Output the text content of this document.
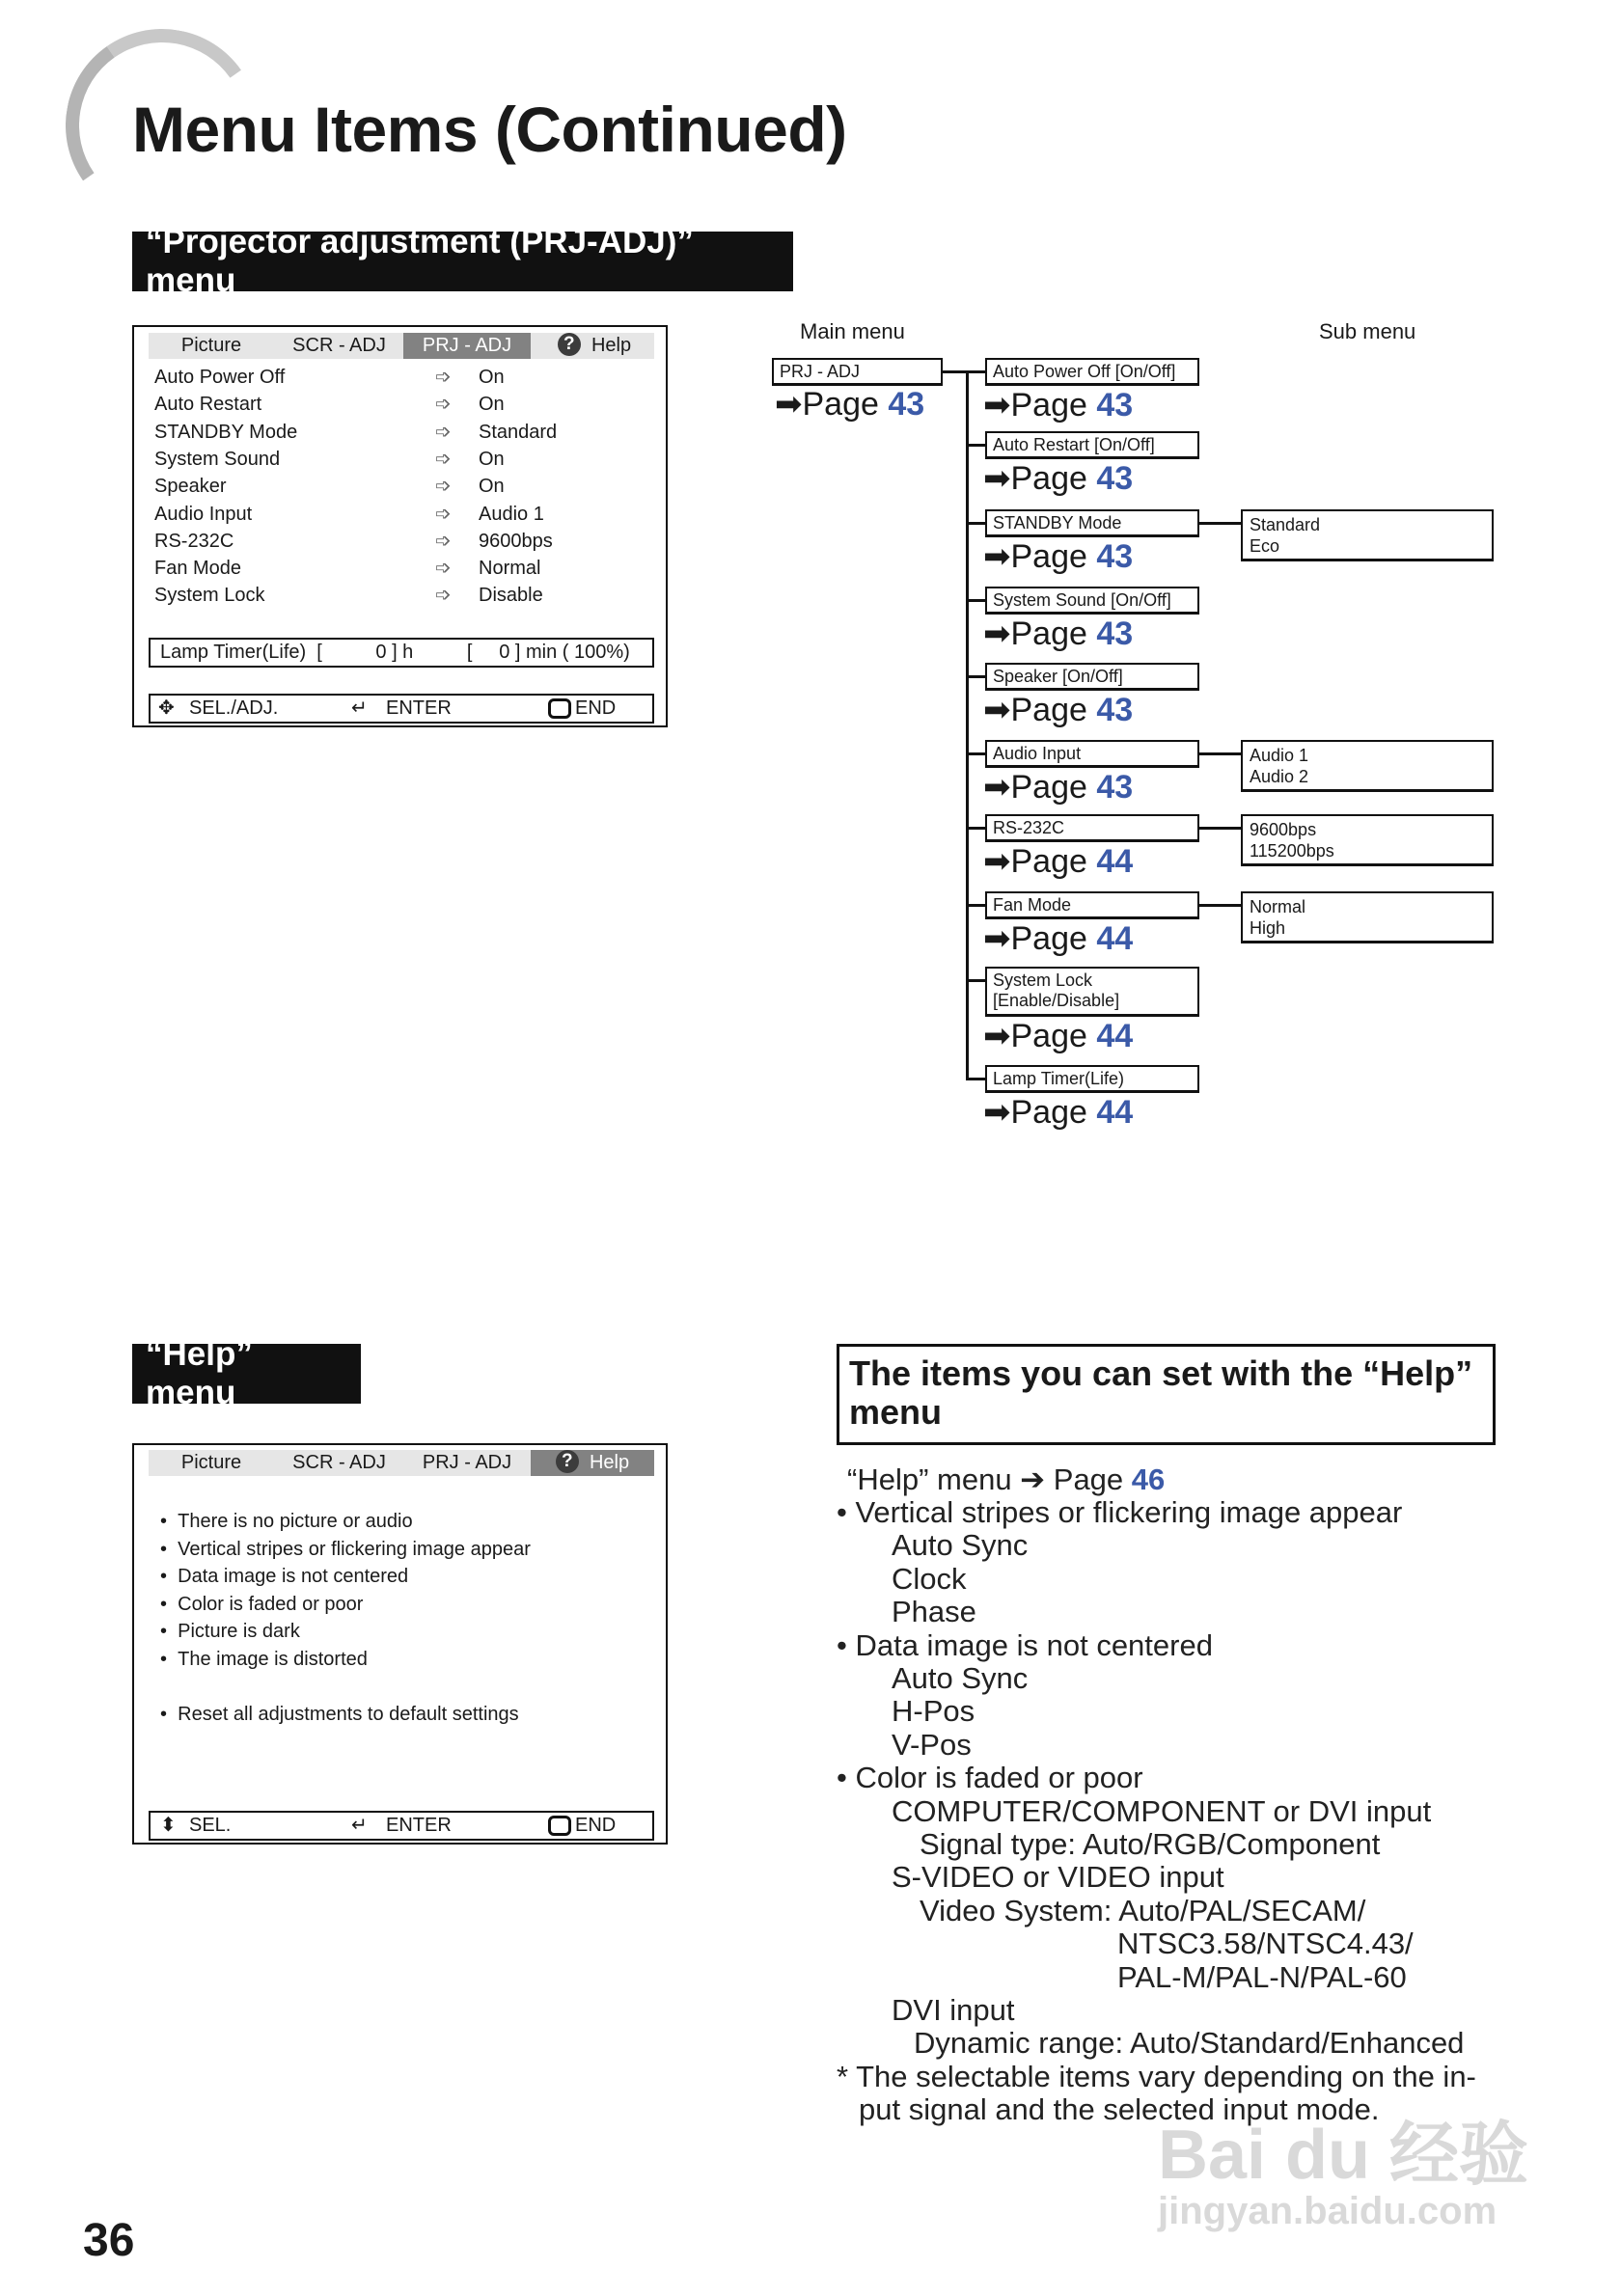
Menu Items (Continued)
“Projector adjustment (PRJ-ADJ)” menu
Picture	SCR - ADJ	PRJ - ADJ	? Help
Auto Power Off	➩ On
Auto Restart	➩ On
STANDBY Mode	➩ Standard
System Sound	➩ On
Speaker	➩ On
Audio Input	➩ Audio 1
RS-232C	➩ 9600bps
Fan Mode	➩ Normal
System Lock	➩ Disable
Lamp Timer(Life)  [          0 ] h          [     0 ] min ( 100%)

✥

SEL./ADJ.

	↵

ENTER

	END

Main menu	Sub menu
PRJ - ADJ
➡Page 43
Auto Power Off [On/Off]
➡Page 43
Auto Restart [On/Off]
➡Page 43
STANDBY Mode
➡Page 43
Standard
Eco
System Sound [On/Off]
➡Page 43
Speaker [On/Off]
➡Page 43
Audio Input
➡Page 43
Audio 1
Audio 2
RS-232C
➡Page 44
9600bps
115200bps
Fan Mode
➡Page 44
Normal
High
System Lock
[Enable/Disable]
➡Page 44
Lamp Timer(Life)
➡Page 44
“Help” menu
Picture	SCR - ADJ	PRJ - ADJ	? Help
•  There is no picture or audio
•  Vertical stripes or flickering image appear
•  Data image is not centered
•  Color is faded or poor
•  Picture is dark
•  The image is distorted
•  Reset all adjustments to default settings

⬍

SEL.

	↵

ENTER

	END

The items you can set with the “Help” menu
“Help” menu ➔ Page 46
• Vertical stripes or flickering image appear
Auto Sync
Clock
Phase
• Data image is not centered
Auto Sync
H-Pos
V-Pos
• Color is faded or poor
COMPUTER/COMPONENT or DVI input
Signal type: Auto/RGB/Component
S-VIDEO or VIDEO input
Video System: Auto/PAL/SECAM/
NTSC3.58/NTSC4.43/
PAL-M/PAL-N/PAL-60
DVI input
Dynamic range: Auto/Standard/Enhanced
* The selectable items vary depending on the in-
put signal and the selected input mode.
36
Bai du 经验
jingyan.baidu.com
